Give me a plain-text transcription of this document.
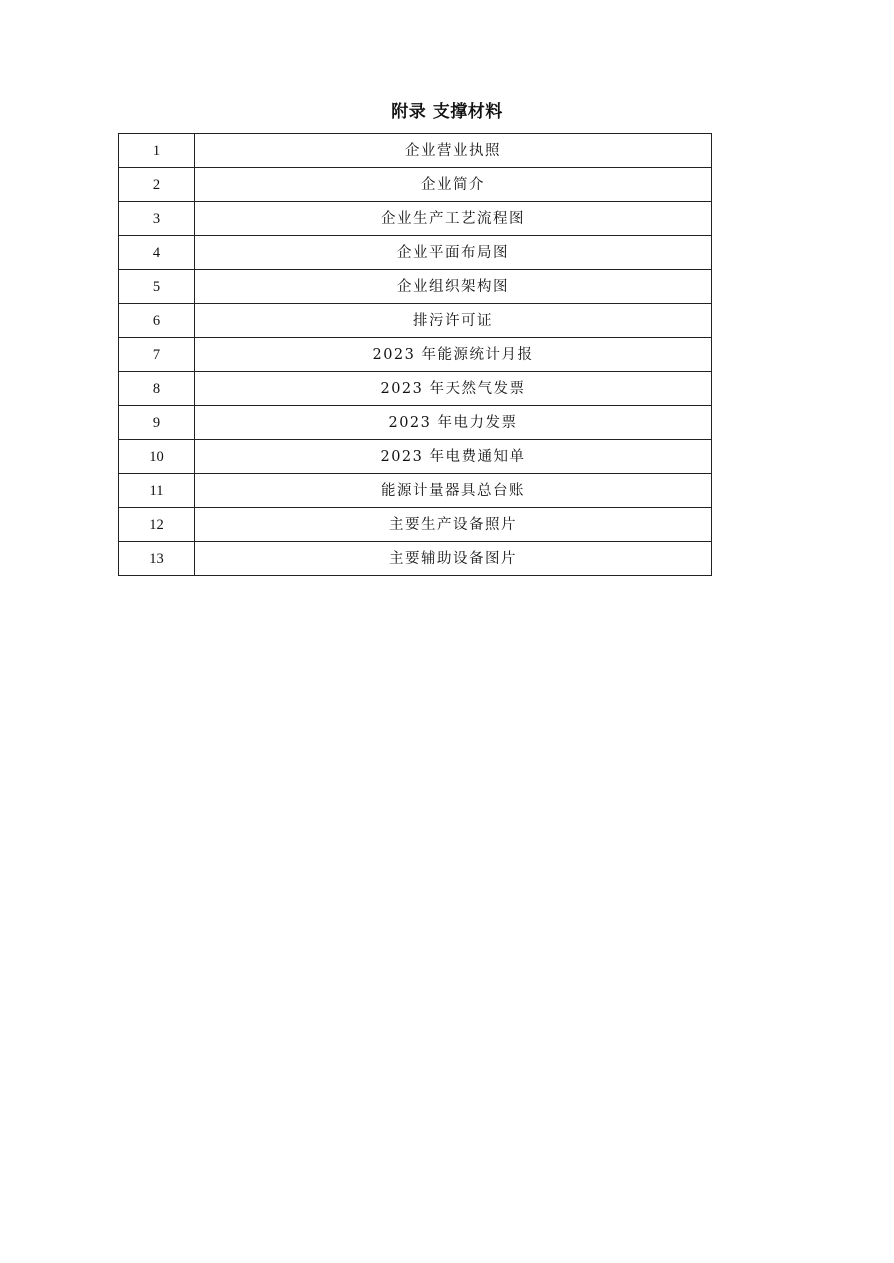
附录 支撑材料
1	企业营业执照
2	企业简介
3	企业生产工艺流程图
4	企业平面布局图
5	企业组织架构图
6	排污许可证
7	2023 年能源统计月报
8	2023 年天然气发票
9	2023 年电力发票
10	2023 年电费通知单
11	能源计量器具总台账
12	主要生产设备照片
13	主要辅助设备图片
